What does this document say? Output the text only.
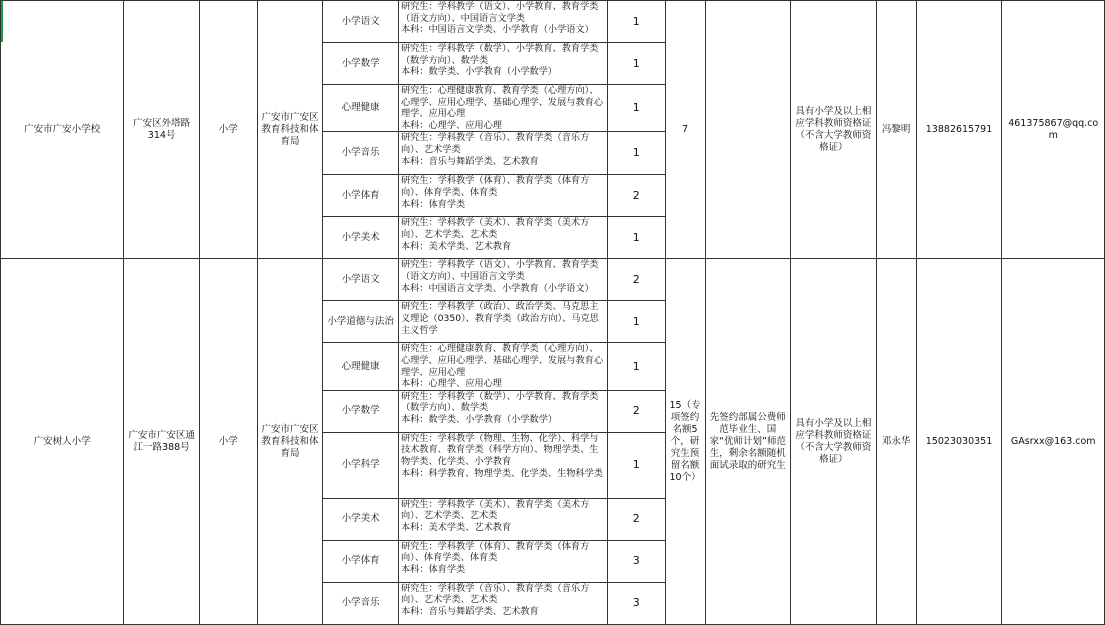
广安市广安小学校	广安区外塔路314号	小学	广安市广安区教育科技和体育局	小学语文	研究生：学科教学（语文）、小学教育、教育学类（语文方向）、中国语言文学类
本科：中国语言文学类、小学教育（小学语文）	1	7		具有小学及以上相应学科教师资格证（不含大学教师资格证）	冯黎明	13882615791	461375867@qq.com
				小学数学	研究生：学科教学（数学）、小学教育、教育学类（数学方向）、数学类
本科：数学类、小学教育（小学数学）	1						
				心理健康	研究生：心理健康教育、教育学类（心理方向）、心理学、应用心理学、基础心理学、发展与教育心理学、应用心理
本科：心理学、应用心理	1						
				小学音乐	研究生：学科教学（音乐）、教育学类（音乐方向）、艺术学类
本科：音乐与舞蹈学类、艺术教育	1						
				小学体育	研究生：学科教学（体育）、教育学类（体育方向）、体育学类、体育类
本科：体育学类	2						
				小学美术	研究生：学科教学（美术）、教育学类（美术方向）、艺术学类、艺术类
本科：美术学类、艺术教育	1						
广安树人小学	广安市广安区通江一路388号	小学	广安市广安区教育科技和体育局	小学语文	研究生：学科教学（语文）、小学教育、教育学类（语文方向）、中国语言文学类
本科：中国语言文学类、小学教育（小学语文）	2	15（专项签约名额5个，研究生预留名额10个）	先签约部属公费师范毕业生、国家“优师计划”师范生，剩余名额随机面试录取的研究生	具有小学及以上相应学科教师资格证（不含大学教师资格证）	邓永华	15023030351	GAsrxx@163.com
				小学道德与法治	研究生：学科教学（政治）、政治学类、马克思主义理论（0350）、教育学类（政治方向）、马克思主义哲学	1						
				心理健康	研究生：心理健康教育、教育学类（心理方向）、心理学、应用心理学、基础心理学、发展与教育心理学、应用心理
本科：心理学、应用心理	1						
				小学数学	研究生：学科教学（数学）、小学教育、教育学类（数学方向）、数学类
本科：数学类、小学教育（小学数学）	2						
				小学科学	研究生：学科教学（物理、生物、化学）、科学与技术教育、教育学类（科学方向）、物理学类、生物学类、化学类、小学教育
本科：科学教育、物理学类、化学类、生物科学类	1						
				小学美术	研究生：学科教学（美术）、教育学类（美术方向）、艺术学类、艺术类
本科：美术学类、艺术教育	2						
				小学体育	研究生：学科教学（体育）、教育学类（体育方向）、体育学类、体育类
本科：体育学类	3						
				小学音乐	研究生：学科教学（音乐）、教育学类（音乐方向）、艺术学类、艺术类
本科：音乐与舞蹈学类、艺术教育	3						
